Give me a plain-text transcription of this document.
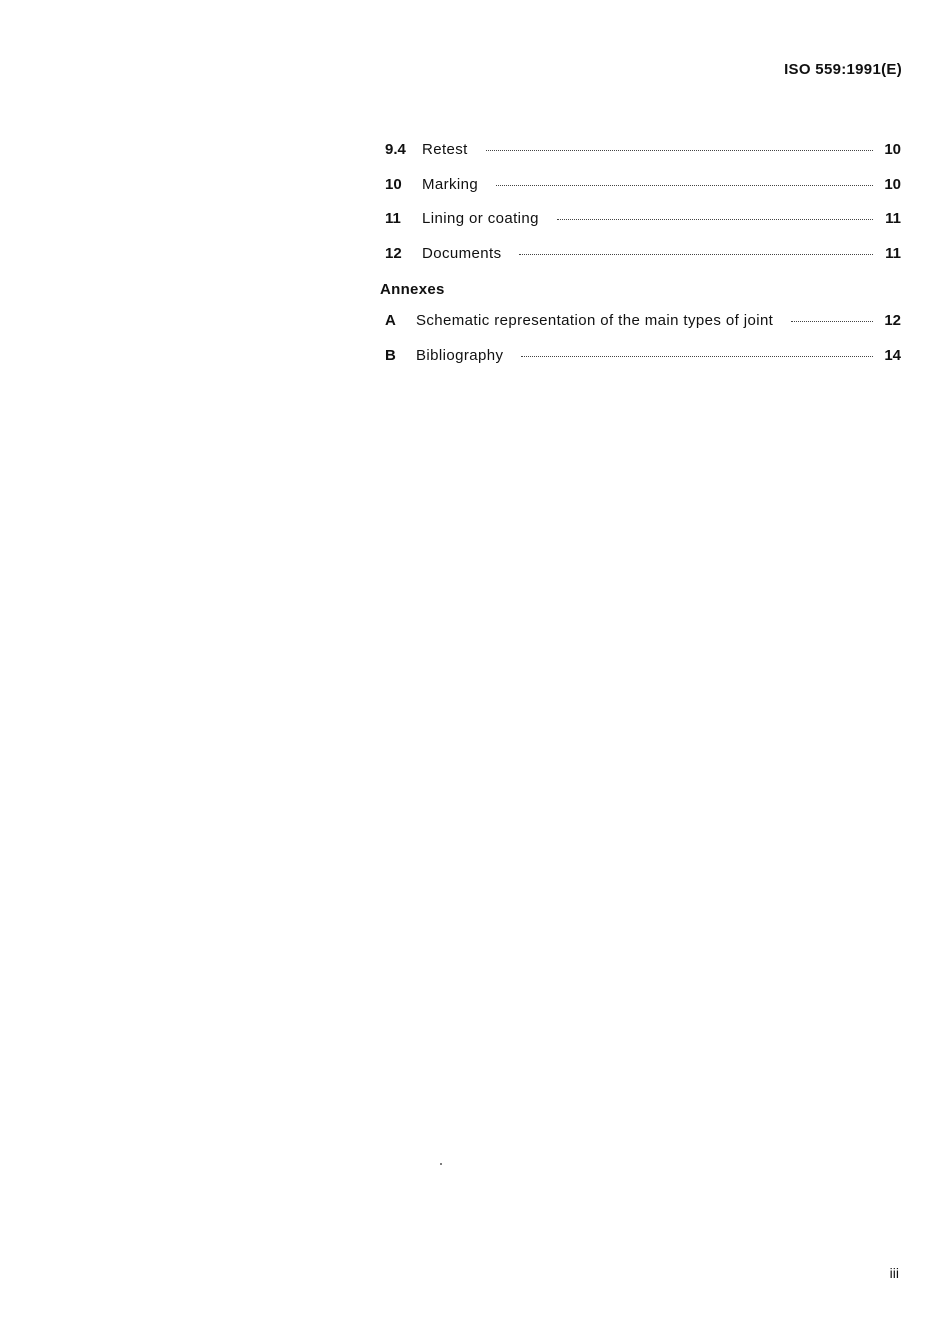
ISO 559:1991(E)
9.4	Retest	10
10	Marking	10
11	Lining or coating	11
12	Documents	11
Annexes
A	Schematic representation of the main types of joint	12
B	Bibliography	14
iii
